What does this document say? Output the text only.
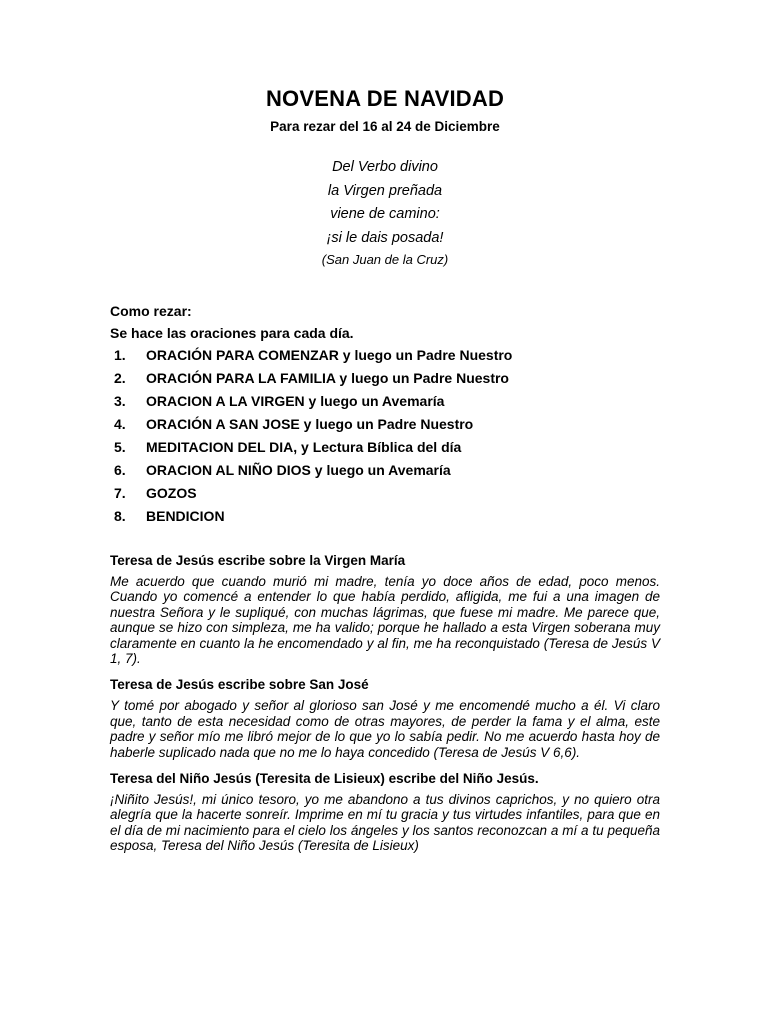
NOVENA DE NAVIDAD

Para rezar del 16 al 24 de Diciembre

Del Verbo divino
la Virgen preñada
viene de camino:
¡si le dais posada!
(San Juan de la Cruz)
Como rezar:
Se hace las oraciones para cada día.
1.	ORACIÓN PARA COMENZAR y luego un Padre Nuestro
2.	ORACIÓN PARA LA FAMILIA y luego un Padre Nuestro
3.	ORACION A LA VIRGEN y luego un Avemaría
4.	ORACIÓN A SAN JOSE y luego un Padre Nuestro
5.	MEDITACION DEL DIA, y Lectura Bíblica del día
6.	ORACION AL NIÑO DIOS y luego un Avemaría
7.	GOZOS
8.	BENDICION

Teresa de Jesús escribe sobre la Virgen María

Me acuerdo que cuando murió mi madre, tenía yo doce años de edad, poco menos. Cuando yo comencé a entender lo que había perdido, afligida, me fui a una imagen de nuestra Señora y le supliqué, con muchas lágrimas, que fuese mi madre. Me parece que, aunque se hizo con simpleza, me ha valido; porque he hallado a esta Virgen soberana muy claramente en cuanto la he encomendado y al fin, me ha reconquistado (Teresa de Jesús V 1, 7).

Teresa de Jesús escribe sobre San José

Y tomé por abogado y señor al glorioso san José y me encomendé mucho a él. Vi claro que, tanto de esta necesidad como de otras mayores, de perder la fama y el alma, este padre y señor mío me libró mejor de lo que yo lo sabía pedir. No me acuerdo hasta hoy de haberle suplicado nada que no me lo haya concedido (Teresa de Jesús V 6,6).

Teresa del Niño Jesús (Teresita de Lisieux) escribe del Niño Jesús.

¡Niñito Jesús!, mi único tesoro, yo me abandono a tus divinos caprichos, y no quiero otra alegría que la hacerte sonreír. Imprime en mí tu gracia y tus virtudes infantiles, para que en el día de mi nacimiento para el cielo los ángeles y los santos reconozcan a mí a tu pequeña esposa, Teresa del Niño Jesús (Teresita de Lisieux)
